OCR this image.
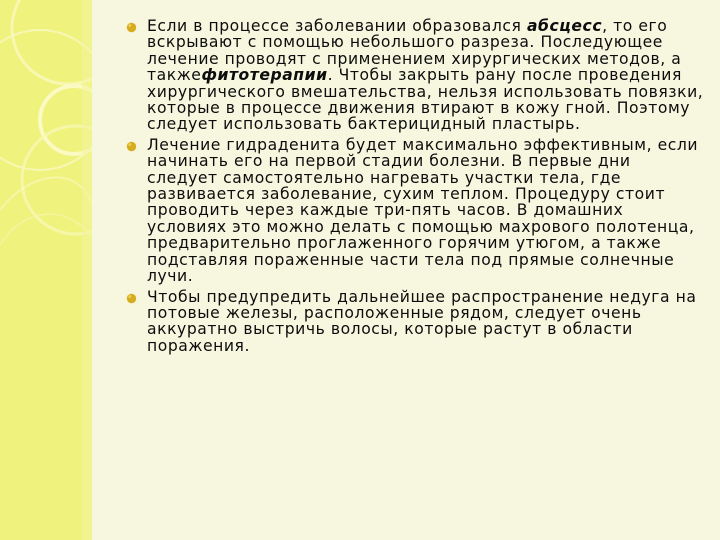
Если в процессе заболевании образовался абсцесс, то его вскрывают с помощью небольшого разреза. Последующее лечение проводят с применением хирургических методов, а такжефитотерапии. Чтобы закрыть рану после проведения хирургического вмешательства, нельзя использовать повязки, которые в процессе движения втирают в кожу гной. Поэтому следует использовать бактерицидный пластырь.
Лечение гидраденита будет максимально эффективным, если начинать его на первой стадии болезни. В первые дни следует самостоятельно нагревать участки тела, где развивается заболевание, сухим теплом. Процедуру стоит проводить через каждые три-пять часов. В домашних условиях это можно делать с помощью махрового полотенца, предварительно проглаженного горячим утюгом, а также подставляя пораженные части тела под прямые солнечные лучи.
Чтобы предупредить дальнейшее распространение недуга на потовые железы, расположенные рядом, следует очень аккуратно выстричь волосы, которые растут в области поражения.
